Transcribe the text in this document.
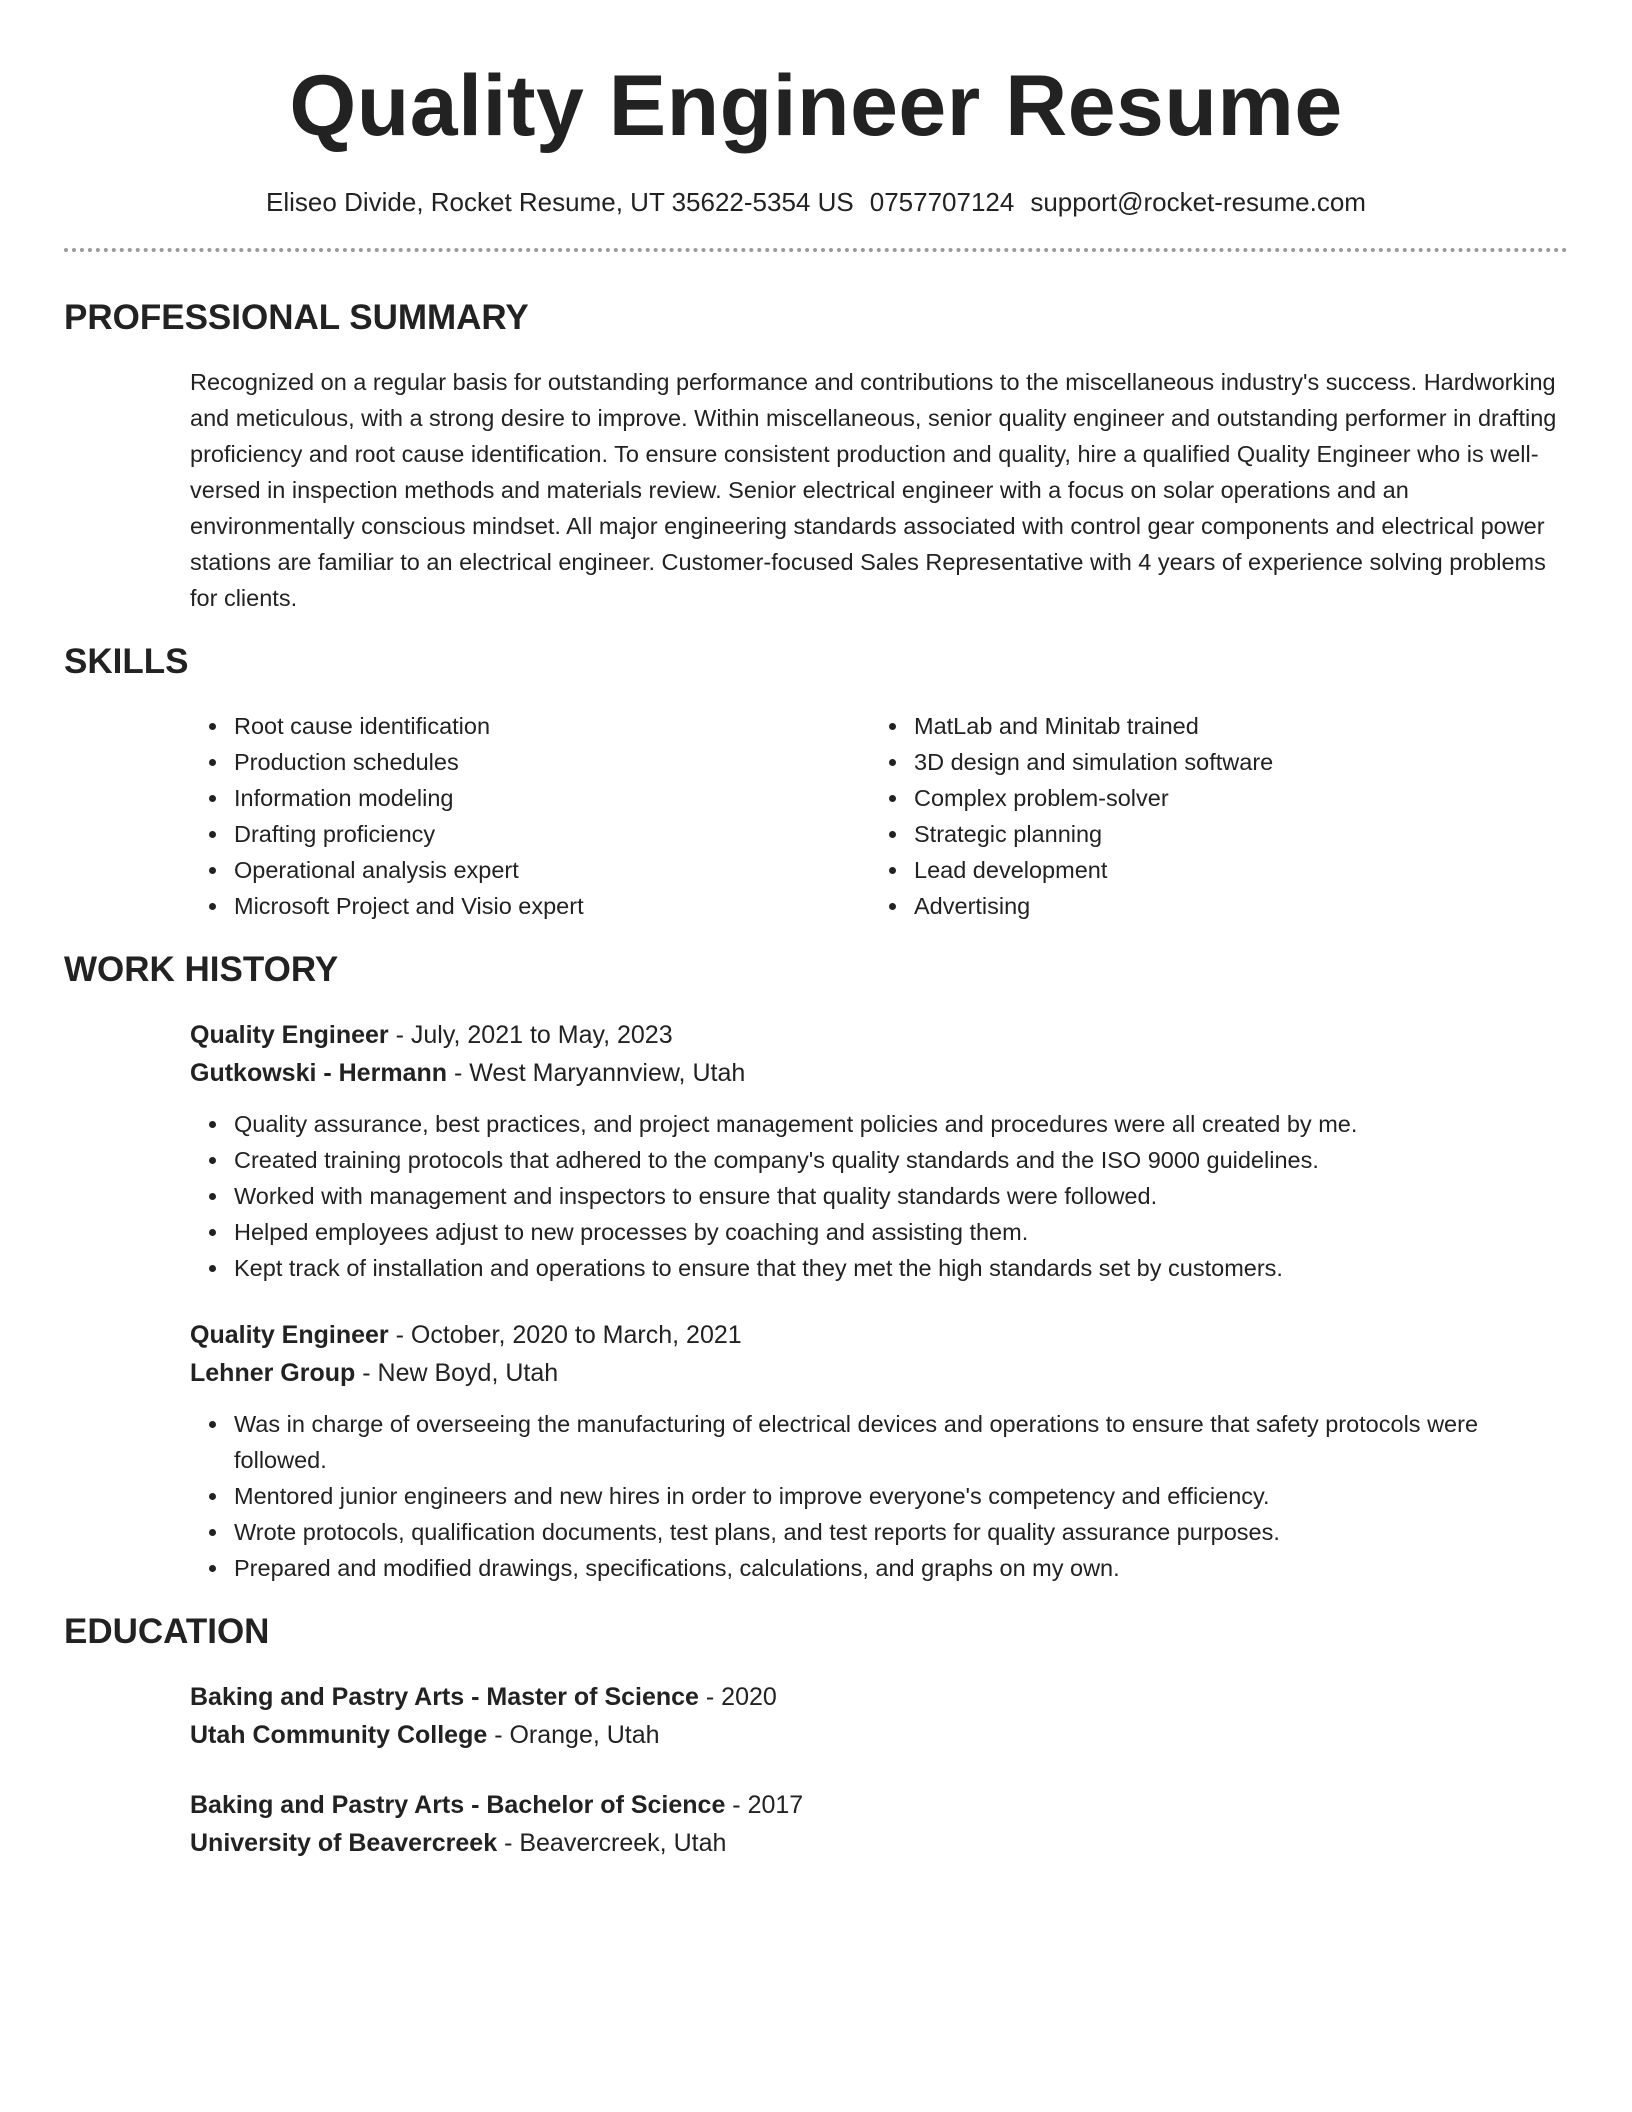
Quality Engineer Resume
Eliseo Divide, Rocket Resume, UT 35622-5354 US 0757707124 support@rocket-resume.com
PROFESSIONAL SUMMARY

Recognized on a regular basis for outstanding performance and contributions to the miscellaneous industry's success. Hardworking and meticulous, with a strong desire to improve. Within miscellaneous, senior quality engineer and outstanding performer in drafting proficiency and root cause identification. To ensure consistent production and quality, hire a qualified Quality Engineer who is well-versed in inspection methods and materials review. Senior electrical engineer with a focus on solar operations and an environmentally conscious mindset. All major engineering standards associated with control gear components and electrical power stations are familiar to an electrical engineer. Customer-focused Sales Representative with 4 years of experience solving problems for clients.

SKILLS
Root cause identification
Production schedules
Information modeling
Drafting proficiency
Operational analysis expert
Microsoft Project and Visio expert
MatLab and Minitab trained
3D design and simulation software
Complex problem-solver
Strategic planning
Lead development
Advertising
WORK HISTORY
Quality Engineer - July, 2021 to May, 2023
Gutkowski - Hermann - West Maryannview, Utah
Quality assurance, best practices, and project management policies and procedures were all created by me.
Created training protocols that adhered to the company's quality standards and the ISO 9000 guidelines.
Worked with management and inspectors to ensure that quality standards were followed.
Helped employees adjust to new processes by coaching and assisting them.
Kept track of installation and operations to ensure that they met the high standards set by customers.
Quality Engineer - October, 2020 to March, 2021
Lehner Group - New Boyd, Utah
Was in charge of overseeing the manufacturing of electrical devices and operations to ensure that safety protocols were followed.
Mentored junior engineers and new hires in order to improve everyone's competency and efficiency.
Wrote protocols, qualification documents, test plans, and test reports for quality assurance purposes.
Prepared and modified drawings, specifications, calculations, and graphs on my own.
EDUCATION
Baking and Pastry Arts - Master of Science - 2020
Utah Community College - Orange, Utah
Baking and Pastry Arts - Bachelor of Science - 2017
University of Beavercreek - Beavercreek, Utah
